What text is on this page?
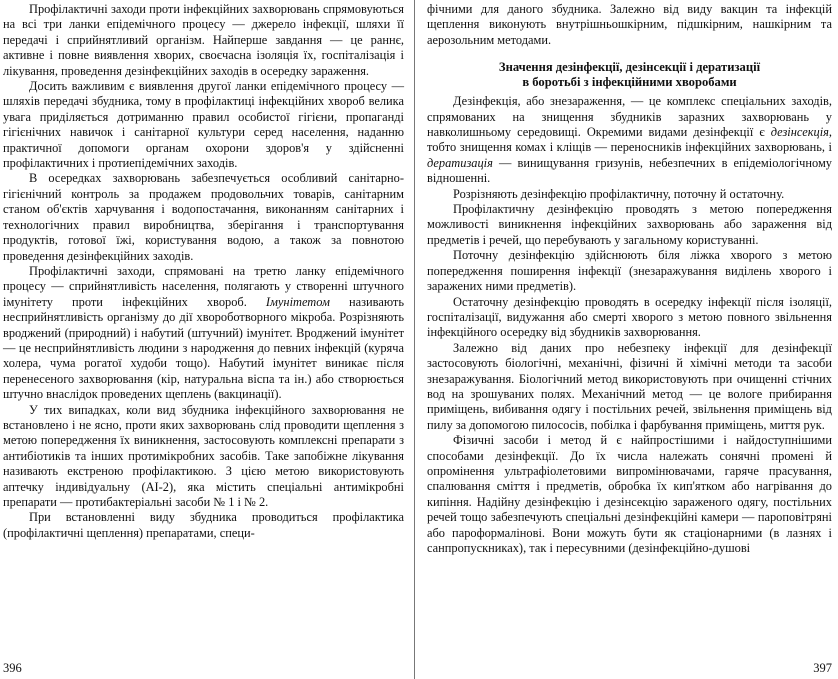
Профілактичні заходи проти інфекційних захворювань спрямовуються на всі три ланки епідемічного процесу — джерело інфекції, шляхи її передачі і сприйнятливий організм. Найперше завдання — це раннє, активне і повне виявлення хворих, своєчасна ізоляція їх, госпіталізація і лікування, проведення дезінфекційних заходів в осередку зараження.

Досить важливим є виявлення другої ланки епідемічного процесу — шляхів передачі збудника, тому в профілактиці інфекційних хвороб велика увага приділяється дотриманню правил особистої гігієни, пропаганді гігієнічних навичок і санітарної культури серед населення, наданню практичної допомоги органам охорони здоров'я у здійсненні профілактичних і протиепідемічних заходів.

В осередках захворювань забезпечується особливий санітарно-гігієнічний контроль за продажем продовольчих товарів, санітарним станом об'єктів харчування і водопостачання, виконанням санітарних і технологічних правил виробництва, зберігання і транспортування продуктів, готової їжі, користування водою, а також за повнотою проведення дезінфекційних заходів.

Профілактичні заходи, спрямовані на третю ланку епідемічного процесу — сприйнятливість населення, полягають у створенні штучного імунітету проти інфекційних хвороб. Імунітетом називають несприйнятливість організму до дії хвороботворного мікроба. Розрізняють вроджений (природний) і набутий (штучний) імунітет. Вроджений імунітет — це несприйнятливість людини з народження до певних інфекцій (куряча холера, чума рогатої худоби тощо). Набутий імунітет виникає після перенесеного захворювання (кір, натуральна віспа та ін.) або створюється штучно внаслідок проведених щеплень (вакцинації).

У тих випадках, коли вид збудника інфекційного захворювання не встановлено і не ясно, проти яких захворювань слід проводити щеплення з метою попередження їх виникнення, застосовують комплексні препарати з антибіотиків та інших протимікробних засобів. Таке запобіжне лікування називають екстреною профілактикою. З цією метою використовують аптечку індивідуальну (АІ-2), яка містить спеціальні антимікробні препарати — протибактеріальні засоби № 1 і № 2.

При встановленні виду збудника проводиться профілактика (профілактичні щеплення) препаратами, специ-

396

фічними для даного збудника. Залежно від виду вакцин та інфекцій щеплення виконують внутрішньошкірним, підшкірним, нашкірним та аерозольним методами.

Значення дезінфекції, дезінсекції і дератизації
в боротьбі з інфекційними хворобами

Дезінфекція, або знезараження, — це комплекс спеціальних заходів, спрямованих на знищення збудників заразних захворювань у навколишньому середовищі. Окремими видами дезінфекції є дезінсекція, тобто знищення комах і кліщів — переносників інфекційних захворювань, і дератизація — винищування гризунів, небезпечних в епідеміологічному відношенні.

Розрізняють дезінфекцію профілактичну, поточну й остаточну.

Профілактичну дезінфекцію проводять з метою попередження можливості виникнення інфекційних захворювань або зараження від предметів і речей, що перебувають у загальному користуванні.

Поточну дезінфекцію здійснюють біля ліжка хворого з метою попередження поширення інфекції (знезаражування виділень хворого і заражених ними предметів).

Остаточну дезінфекцію проводять в осередку інфекції після ізоляції, госпіталізації, видужання або смерті хворого з метою повного звільнення інфекційного осередку від збудників захворювання.

Залежно від даних про небезпеку інфекції для дезінфекції застосовують біологічні, механічні, фізичні й хімічні методи та засоби знезаражування. Біологічний метод використовують при очищенні стічних вод на зрошуваних полях. Механічний метод — це вологе прибирання приміщень, вибивання одягу і постільних речей, звільнення приміщень від пилу за допомогою пилососів, побілка і фарбування приміщень, миття рук.

Фізичні засоби і метод й є найпростішими і найдоступнішими способами дезінфекції. До їх числа належать сонячні промені й опромінення ультрафіолетовими випромінювачами, гаряче прасування, спалювання сміття і предметів, обробка їх кип'ятком або нагрівання до кипіння. Надійну дезінфекцію і дезінсекцію зараженого одягу, постільних речей тощо забезпечують спеціальні дезінфекційні камери — пароповітряні або пароформалінові. Вони можуть бути як стаціонарними (в лазнях і санпропускниках), так і пересувними (дезінфекційно-душові

397
